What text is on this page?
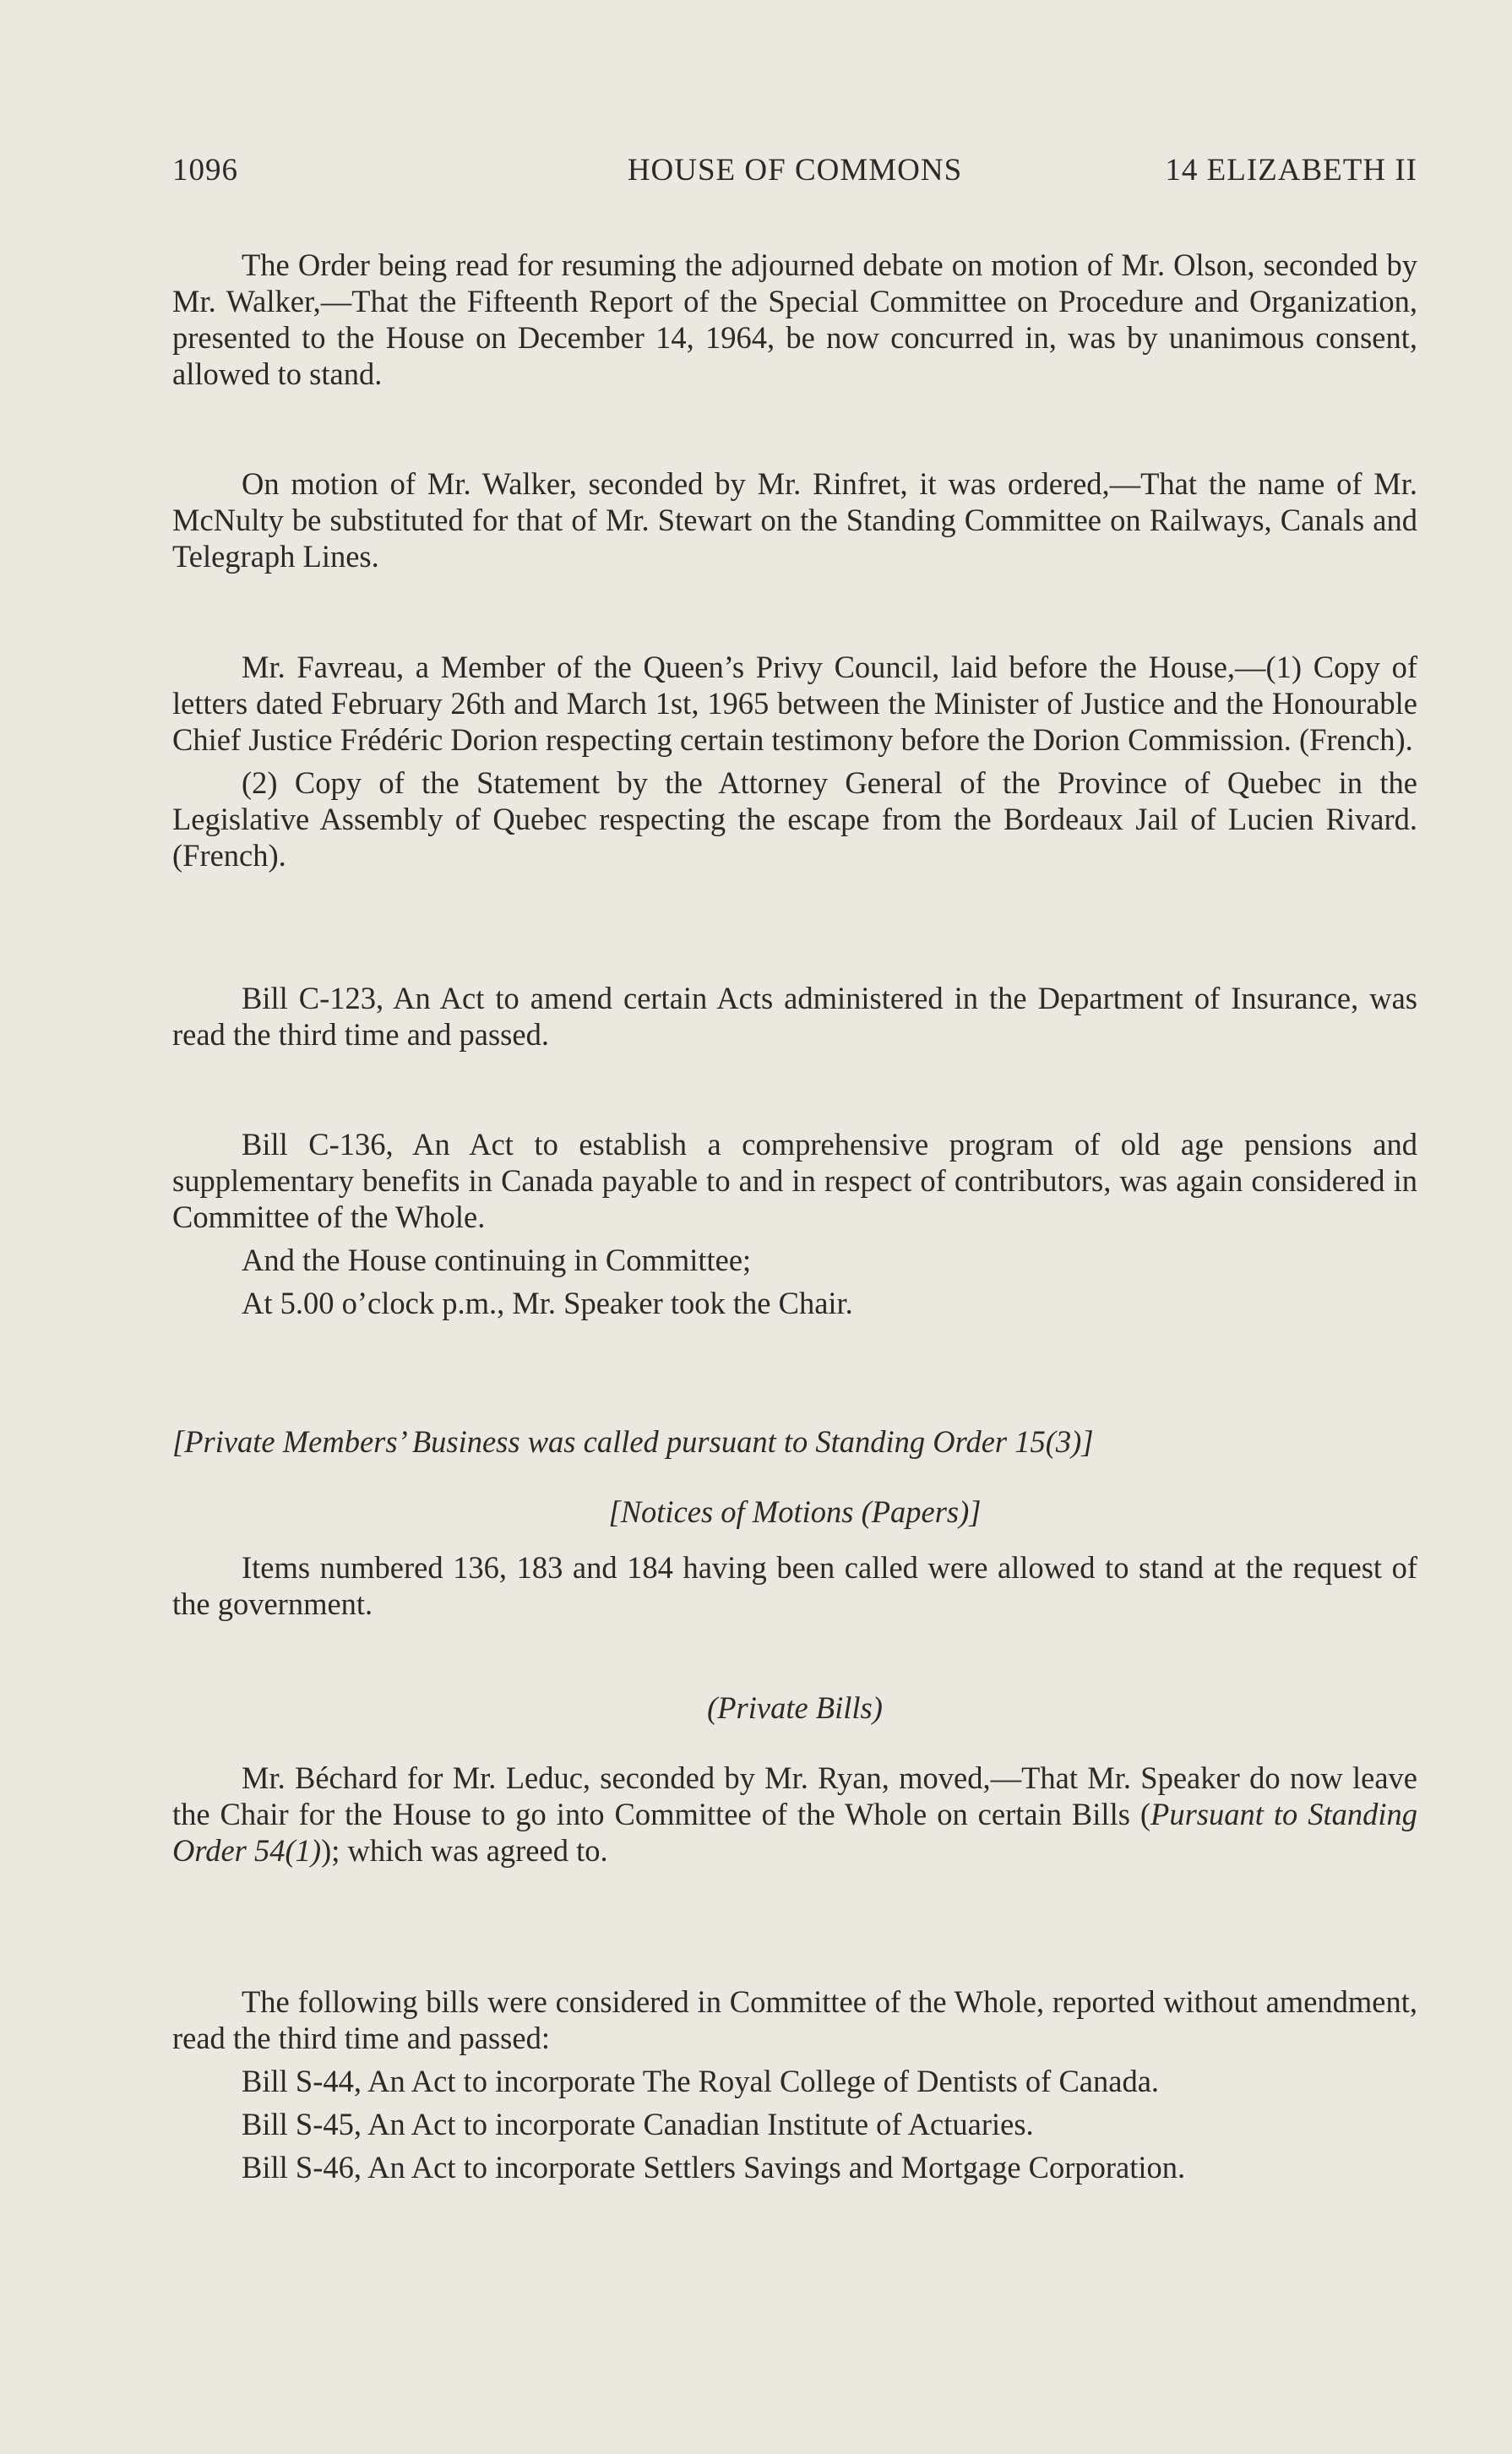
1096	HOUSE OF COMMONS	14 ELIZABETH II

The Order being read for resuming the adjourned debate on motion of Mr. Olson, seconded by Mr. Walker,—That the Fifteenth Report of the Special Committee on Procedure and Organization, presented to the House on December 14, 1964, be now concurred in, was by unanimous consent, allowed to stand.

On motion of Mr. Walker, seconded by Mr. Rinfret, it was ordered,—That the name of Mr. McNulty be substituted for that of Mr. Stewart on the Standing Committee on Railways, Canals and Telegraph Lines.

Mr. Favreau, a Member of the Queen’s Privy Council, laid before the House,—(1) Copy of letters dated February 26th and March 1st, 1965 between the Minister of Justice and the Honourable Chief Justice Frédéric Dorion respecting certain testimony before the Dorion Commission. (French).

(2) Copy of the Statement by the Attorney General of the Province of Quebec in the Legislative Assembly of Quebec respecting the escape from the Bordeaux Jail of Lucien Rivard. (French).

Bill C-123, An Act to amend certain Acts administered in the Department of Insurance, was read the third time and passed.

Bill C-136, An Act to establish a comprehensive program of old age pensions and supplementary benefits in Canada payable to and in respect of contributors, was again considered in Committee of the Whole.

And the House continuing in Committee;

At 5.00 o’clock p.m., Mr. Speaker took the Chair.

[Private Members’ Business was called pursuant to Standing Order 15(3)]
[Notices of Motions (Papers)]

Items numbered 136, 183 and 184 having been called were allowed to stand at the request of the government.

(Private Bills)

Mr. Béchard for Mr. Leduc, seconded by Mr. Ryan, moved,—That Mr. Speaker do now leave the Chair for the House to go into Committee of the Whole on certain Bills (Pursuant to Standing Order 54(1)); which was agreed to.

The following bills were considered in Committee of the Whole, reported without amendment, read the third time and passed:

Bill S-44, An Act to incorporate The Royal College of Dentists of Canada.

Bill S-45, An Act to incorporate Canadian Institute of Actuaries.

Bill S-46, An Act to incorporate Settlers Savings and Mortgage Corporation.
